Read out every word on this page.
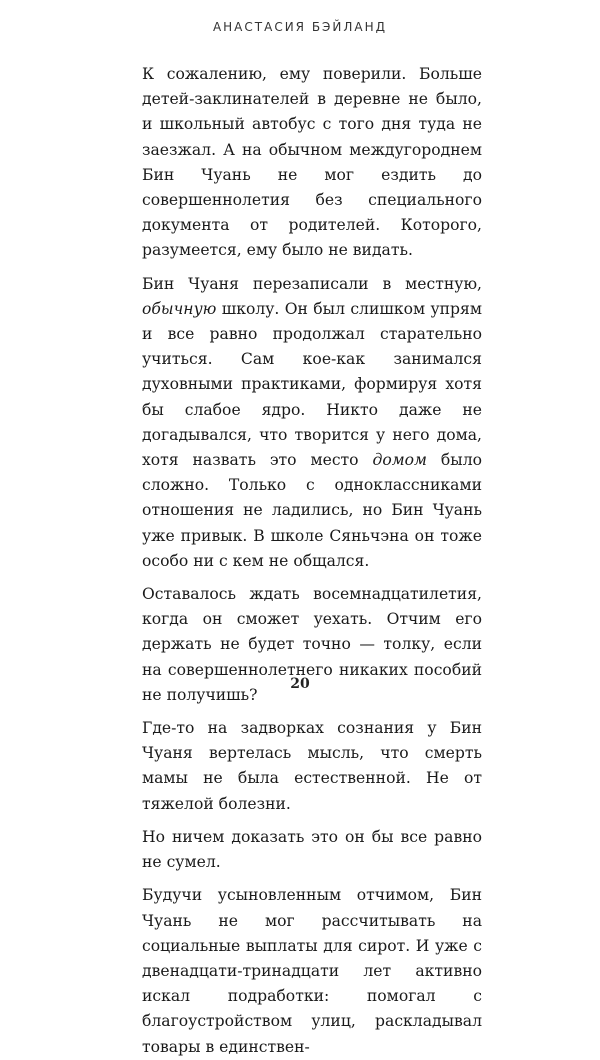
АНАСТАСИЯ БЭЙЛАНД

К сожалению, ему поверили. Больше детей-заклинателей в деревне не было, и школьный автобус с того дня туда не заезжал. А на обычном междугороднем Бин Чуань не мог ездить до совершеннолетия без специального документа от родителей. Которого, разумеется, ему было не видать.

Бин Чуаня перезаписали в местную, обычную школу. Он был слишком упрям и все равно продолжал старательно учиться. Сам кое-как занимался духовными практиками, формируя хотя бы слабое ядро. Никто даже не догадывался, что творится у него дома, хотя назвать это место домом было сложно. Только с одноклассниками отношения не ладились, но Бин Чуань уже привык. В школе Сяньчэна он тоже особо ни с кем не общался.

Оставалось ждать восемнадцатилетия, когда он сможет уехать. Отчим его держать не будет точно — толку, если на совершеннолетнего никаких пособий не получишь?

Где-то на задворках сознания у Бин Чуаня вертелась мысль, что смерть мамы не была естественной. Не от тяжелой болезни.

Но ничем доказать это он бы все равно не сумел.

Будучи усыновленным отчимом, Бин Чуань не мог рассчитывать на социальные выплаты для сирот. И уже с двенадцати-тринадцати лет активно искал подработки: помогал с благоустройством улиц, раскладывал товары в единствен-

20
